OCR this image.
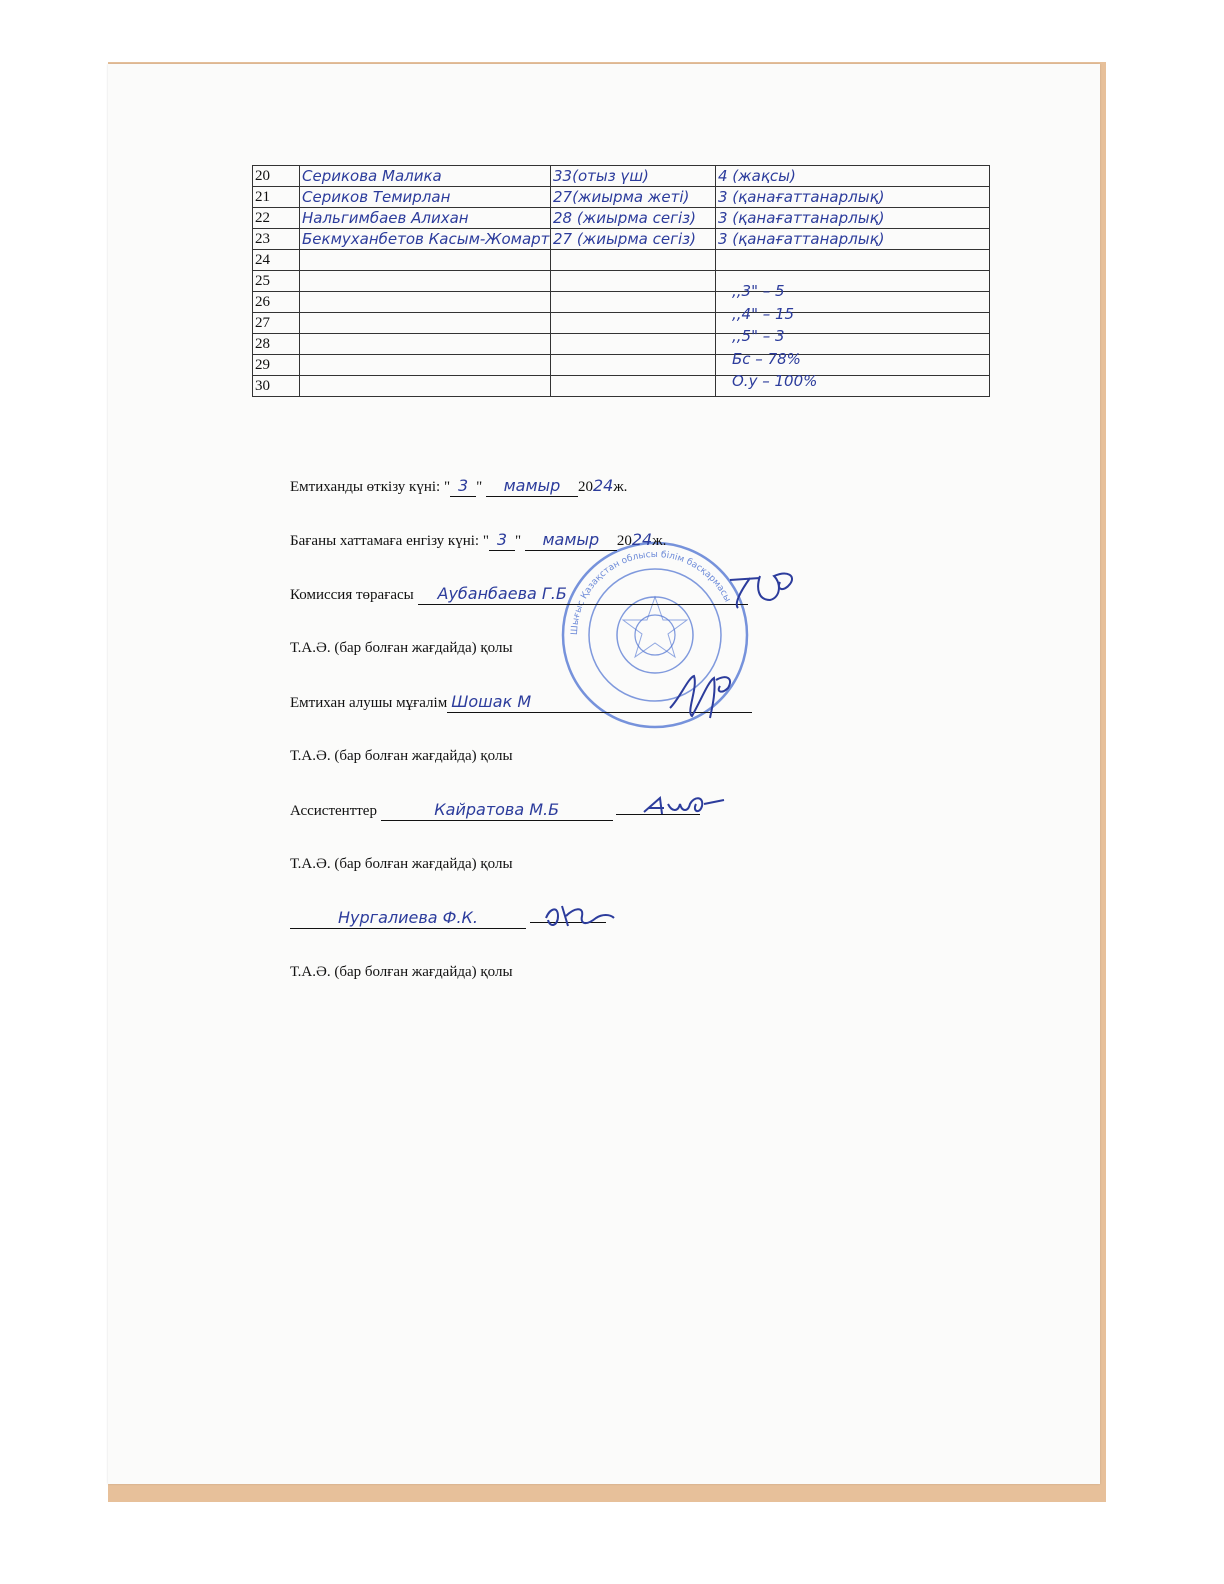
20	Серикова Малика	33(отыз үш)	4 (жақсы)
21	Сериков Темирлан	27(жиырма жеті)	3 (қанағаттанарлық)
22	Нальгимбаев Алихан	28 (жиырма сегіз)	3 (қанағаттанарлық)
23	Бекмуханбетов Касым-Жомарт	27 (жиырма сегіз)	3 (қанағаттанарлық)
24			
25			
26			
27			
28			
29			
30			
,,3" – 5
,,4" – 15
,,5" – 3
Бс – 78%
О.у – 100%
Шығыс Қазақстан облысы білім басқармасы
Емтиханды өткізу күні: " 3 " мамыр 2024ж.
Бағаны хаттамаға енгізу күні: " 3 " мамыр 2024ж.
Комиссия төрағасы Аубанбаева Г.Б
Т.А.Ә. (бар болған жағдайда) қолы
Емтихан алушы мұғалім Шошак М
Т.А.Ә. (бар болған жағдайда) қолы
Ассистенттер	Кайратова М.Б
Т.А.Ә. (бар болған жағдайда) қолы
Нургалиева Ф.К.
Т.А.Ә. (бар болған жағдайда) қолы
